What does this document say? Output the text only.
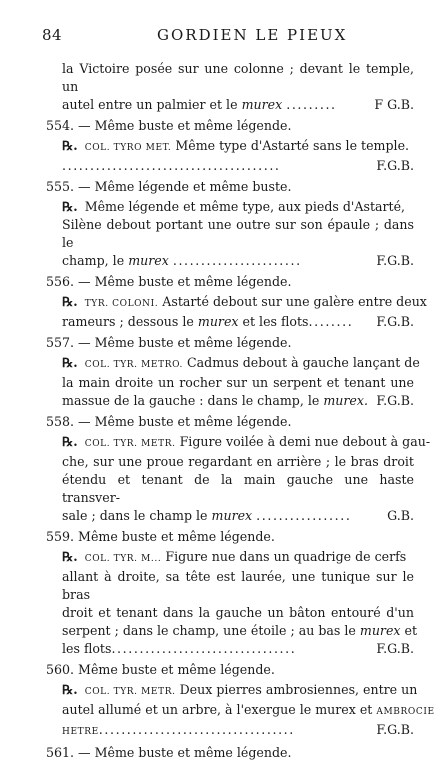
84	GORDIEN LE PIEUX
la Victoire posée sur une colonne ; devant le temple, un
autel entre un palmier et le murex .........	F G.B.
554. — Même buste et même légende.
℞. COL. TYRO MET. Même type d'Astarté sans le temple.
.......................................	F.G.B.
555. — Même légende et même buste.
℞. Même légende et même type, aux pieds d'Astarté,
Silène debout portant une outre sur son épaule ; dans le
champ, le murex .......................	F.G.B.
556. — Même buste et même légende.
℞. TYR. COLONI. Astarté debout sur une galère entre deux
rameurs ; dessous le murex et les flots........ F.G.B.
557. — Même buste et même légende.
℞. COL. TYR. METRO. Cadmus debout à gauche lançant de
la main droite un rocher sur un serpent et tenant une
massue de la gauche : dans le champ, le murex. F.G.B.
558. — Même buste et même légende.
℞. COL. TYR. METR. Figure voilée à demi nue debout à gau-
che, sur une proue regardant en arrière ; le bras droit
étendu et tenant de la main gauche une haste transver-
sale ; dans le champ le murex .................	G.B.
559. Même buste et même légende.
℞. COL. TYR. M... Figure nue dans un quadrige de cerfs
allant à droite, sa tête est laurée, une tunique sur le bras
droit et tenant dans la gauche un bâton entouré d'un
serpent ; dans le champ, une étoile ; au bas le murex et
les flots.................................	F.G.B.
560. Même buste et même légende.
℞. COL. TYR. METR. Deux pierres ambrosiennes, entre un
autel allumé et un arbre, à l'exergue le murex et AMBROCIE
HETRE...................................	F.G.B.
561. — Même buste et même légende.
